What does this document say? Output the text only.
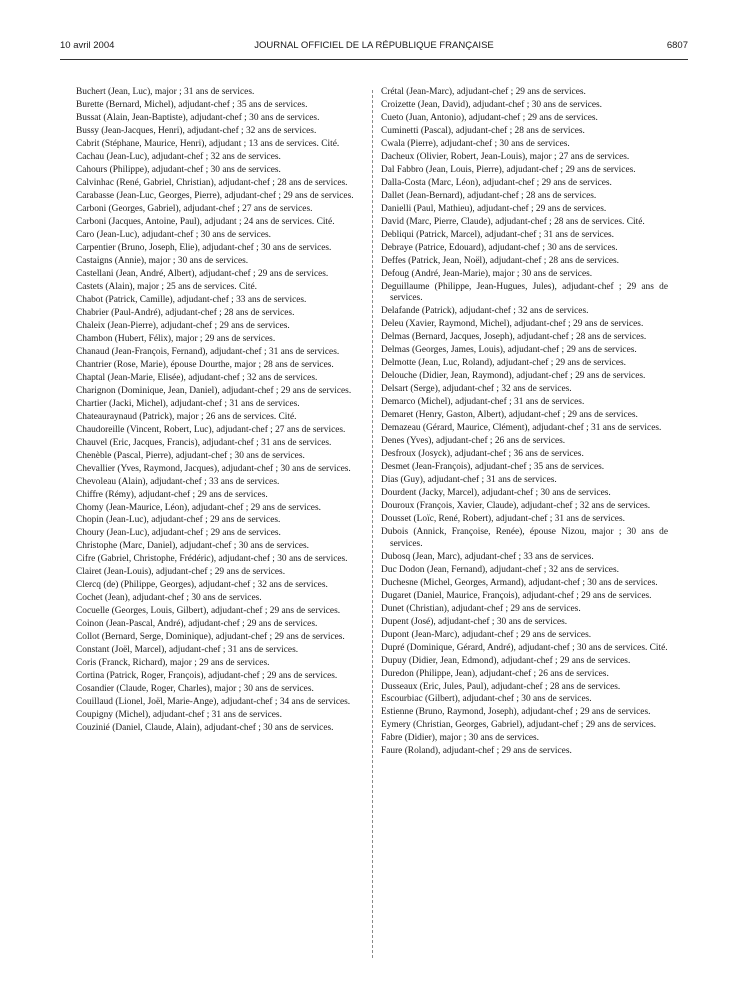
10 avril 2004	JOURNAL OFFICIEL DE LA RÉPUBLIQUE FRANÇAISE	6807
Buchert (Jean, Luc), major ; 31 ans de services.
Burette (Bernard, Michel), adjudant-chef ; 35 ans de services.
Bussat (Alain, Jean-Baptiste), adjudant-chef ; 30 ans de services.
Bussy (Jean-Jacques, Henri), adjudant-chef ; 32 ans de services.
Cabrit (Stéphane, Maurice, Henri), adjudant ; 13 ans de services. Cité.
Cachau (Jean-Luc), adjudant-chef ; 32 ans de services.
Cahours (Philippe), adjudant-chef ; 30 ans de services.
Calvinhac (René, Gabriel, Christian), adjudant-chef ; 28 ans de services.
Carabasse (Jean-Luc, Georges, Pierre), adjudant-chef ; 29 ans de services.
Carboni (Georges, Gabriel), adjudant-chef ; 27 ans de services.
Carboni (Jacques, Antoine, Paul), adjudant ; 24 ans de services. Cité.
Caro (Jean-Luc), adjudant-chef ; 30 ans de services.
Carpentier (Bruno, Joseph, Elie), adjudant-chef ; 30 ans de services.
Castaigns (Annie), major ; 30 ans de services.
Castellani (Jean, André, Albert), adjudant-chef ; 29 ans de services.
Castets (Alain), major ; 25 ans de services. Cité.
Chabot (Patrick, Camille), adjudant-chef ; 33 ans de services.
Chabrier (Paul-André), adjudant-chef ; 28 ans de services.
Chaleix (Jean-Pierre), adjudant-chef ; 29 ans de services.
Chambon (Hubert, Félix), major ; 29 ans de services.
Chanaud (Jean-François, Fernand), adjudant-chef ; 31 ans de services.
Chantrier (Rose, Marie), épouse Dourthe, major ; 28 ans de services.
Chaptal (Jean-Marie, Elisée), adjudant-chef ; 32 ans de services.
Charignon (Dominique, Jean, Daniel), adjudant-chef ; 29 ans de services.
Chartier (Jacki, Michel), adjudant-chef ; 31 ans de services.
Chateauraynaud (Patrick), major ; 26 ans de services. Cité.
Chaudoreille (Vincent, Robert, Luc), adjudant-chef ; 27 ans de services.
Chauvel (Eric, Jacques, Francis), adjudant-chef ; 31 ans de services.
Chenèble (Pascal, Pierre), adjudant-chef ; 30 ans de services.
Chevallier (Yves, Raymond, Jacques), adjudant-chef ; 30 ans de services.
Chevoleau (Alain), adjudant-chef ; 33 ans de services.
Chiffre (Rémy), adjudant-chef ; 29 ans de services.
Chomy (Jean-Maurice, Léon), adjudant-chef ; 29 ans de services.
Chopin (Jean-Luc), adjudant-chef ; 29 ans de services.
Choury (Jean-Luc), adjudant-chef ; 29 ans de services.
Christophe (Marc, Daniel), adjudant-chef ; 30 ans de services.
Cifre (Gabriel, Christophe, Frédéric), adjudant-chef ; 30 ans de services.
Clairet (Jean-Louis), adjudant-chef ; 29 ans de services.
Clercq (de) (Philippe, Georges), adjudant-chef ; 32 ans de services.
Cochet (Jean), adjudant-chef ; 30 ans de services.
Cocuelle (Georges, Louis, Gilbert), adjudant-chef ; 29 ans de services.
Coinon (Jean-Pascal, André), adjudant-chef ; 29 ans de services.
Collot (Bernard, Serge, Dominique), adjudant-chef ; 29 ans de services.
Constant (Joël, Marcel), adjudant-chef ; 31 ans de services.
Coris (Franck, Richard), major ; 29 ans de services.
Cortina (Patrick, Roger, François), adjudant-chef ; 29 ans de services.
Cosandier (Claude, Roger, Charles), major ; 30 ans de services.
Couillaud (Lionel, Joël, Marie-Ange), adjudant-chef ; 34 ans de services.
Coupigny (Michel), adjudant-chef ; 31 ans de services.
Couzinié (Daniel, Claude, Alain), adjudant-chef ; 30 ans de services.
Crétal (Jean-Marc), adjudant-chef ; 29 ans de services.
Croizette (Jean, David), adjudant-chef ; 30 ans de services.
Cueto (Juan, Antonio), adjudant-chef ; 29 ans de services.
Cuminetti (Pascal), adjudant-chef ; 28 ans de services.
Cwala (Pierre), adjudant-chef ; 30 ans de services.
Dacheux (Olivier, Robert, Jean-Louis), major ; 27 ans de services.
Dal Fabbro (Jean, Louis, Pierre), adjudant-chef ; 29 ans de services.
Dalla-Costa (Marc, Léon), adjudant-chef ; 29 ans de services.
Dallet (Jean-Bernard), adjudant-chef ; 28 ans de services.
Danielli (Paul, Mathieu), adjudant-chef ; 29 ans de services.
David (Marc, Pierre, Claude), adjudant-chef ; 28 ans de services. Cité.
Debliqui (Patrick, Marcel), adjudant-chef ; 31 ans de services.
Debraye (Patrice, Edouard), adjudant-chef ; 30 ans de services.
Deffes (Patrick, Jean, Noël), adjudant-chef ; 28 ans de services.
Defoug (André, Jean-Marie), major ; 30 ans de services.
Deguillaume (Philippe, Jean-Hugues, Jules), adjudant-chef ; 29 ans de services.
Delafande (Patrick), adjudant-chef ; 32 ans de services.
Deleu (Xavier, Raymond, Michel), adjudant-chef ; 29 ans de services.
Delmas (Bernard, Jacques, Joseph), adjudant-chef ; 28 ans de services.
Delmas (Georges, James, Louis), adjudant-chef ; 29 ans de services.
Delmotte (Jean, Luc, Roland), adjudant-chef ; 29 ans de services.
Delouche (Didier, Jean, Raymond), adjudant-chef ; 29 ans de services.
Delsart (Serge), adjudant-chef ; 32 ans de services.
Demarco (Michel), adjudant-chef ; 31 ans de services.
Demaret (Henry, Gaston, Albert), adjudant-chef ; 29 ans de services.
Demazeau (Gérard, Maurice, Clément), adjudant-chef ; 31 ans de services.
Denes (Yves), adjudant-chef ; 26 ans de services.
Desfroux (Josyck), adjudant-chef ; 36 ans de services.
Desmet (Jean-François), adjudant-chef ; 35 ans de services.
Dias (Guy), adjudant-chef ; 31 ans de services.
Dourdent (Jacky, Marcel), adjudant-chef ; 30 ans de services.
Douroux (François, Xavier, Claude), adjudant-chef ; 32 ans de services.
Dousset (Loïc, René, Robert), adjudant-chef ; 31 ans de services.
Dubois (Annick, Françoise, Renée), épouse Nizou, major ; 30 ans de services.
Dubosq (Jean, Marc), adjudant-chef ; 33 ans de services.
Duc Dodon (Jean, Fernand), adjudant-chef ; 32 ans de services.
Duchesne (Michel, Georges, Armand), adjudant-chef ; 30 ans de services.
Dugaret (Daniel, Maurice, François), adjudant-chef ; 29 ans de services.
Dunet (Christian), adjudant-chef ; 29 ans de services.
Dupent (José), adjudant-chef ; 30 ans de services.
Dupont (Jean-Marc), adjudant-chef ; 29 ans de services.
Dupré (Dominique, Gérard, André), adjudant-chef ; 30 ans de services. Cité.
Dupuy (Didier, Jean, Edmond), adjudant-chef ; 29 ans de services.
Duredon (Philippe, Jean), adjudant-chef ; 26 ans de services.
Dusseaux (Eric, Jules, Paul), adjudant-chef ; 28 ans de services.
Escourbiac (Gilbert), adjudant-chef ; 30 ans de services.
Estienne (Bruno, Raymond, Joseph), adjudant-chef ; 29 ans de services.
Eymery (Christian, Georges, Gabriel), adjudant-chef ; 29 ans de services.
Fabre (Didier), major ; 30 ans de services.
Faure (Roland), adjudant-chef ; 29 ans de services.
